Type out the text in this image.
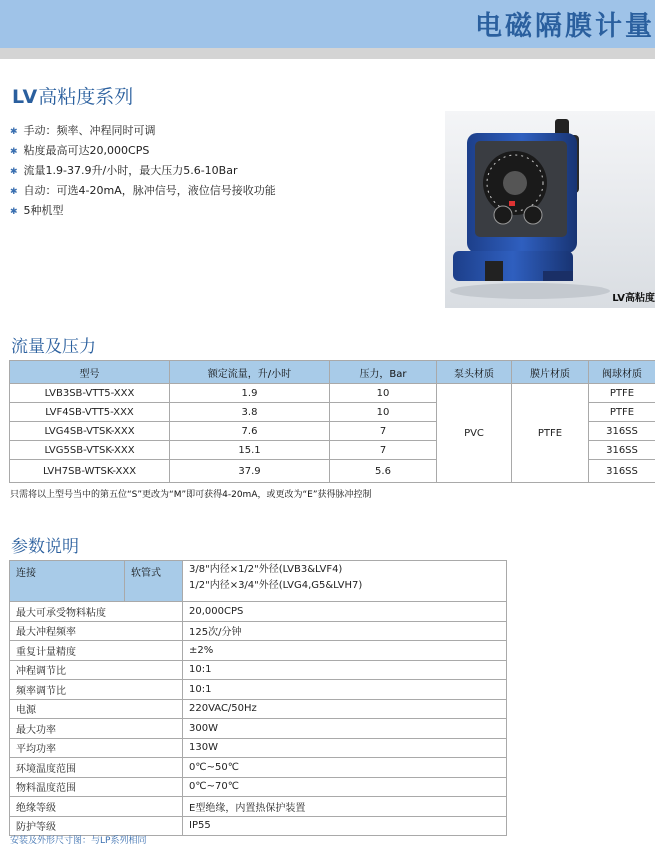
电磁隔膜计量
LV高粘度系列
✱ 手动：频率、冲程同时可调
✱ 粘度最高可达20,000CPS
✱ 流量1.9-37.9升/小时，最大压力5.6-10Bar
✱ 自动：可选4-20mA，脉冲信号，液位信号接收功能
✱ 5种机型
LV高粘度
流量及压力
型号	额定流量，升/小时	压力，Bar	泵头材质	膜片材质	阀球材质
LVB3SB-VTT5-XXX	1.9	10	PVC	PTFE	PTFE
LVF4SB-VTT5-XXX	3.8	10			PTFE
LVG4SB-VTSK-XXX	7.6	7			316SS
LVG5SB-VTSK-XXX	15.1	7			316SS
LVH7SB-WTSK-XXX	37.9	5.6			316SS
只需将以上型号当中的第五位“S”更改为“M”即可获得4-20mA，或更改为“E”获得脉冲控制
参数说明
连接	软管式	3/8"内径×1/2"外径(LVB3&LVF4)
1/2"内径×3/4"外径(LVG4,G5&LVH7)

最大可承受物料粘度		20,000CPS
最大冲程频率		125次/分钟
重复计量精度		±2%
冲程调节比		10:1
频率调节比		10:1
电源		220VAC/50Hz
最大功率		300W
平均功率		130W
环境温度范围		0℃~50℃
物料温度范围		0℃~70℃
绝缘等级		E型绝缘，内置热保护装置
防护等级		IP55
安装及外形尺寸图：与LP系列相同
